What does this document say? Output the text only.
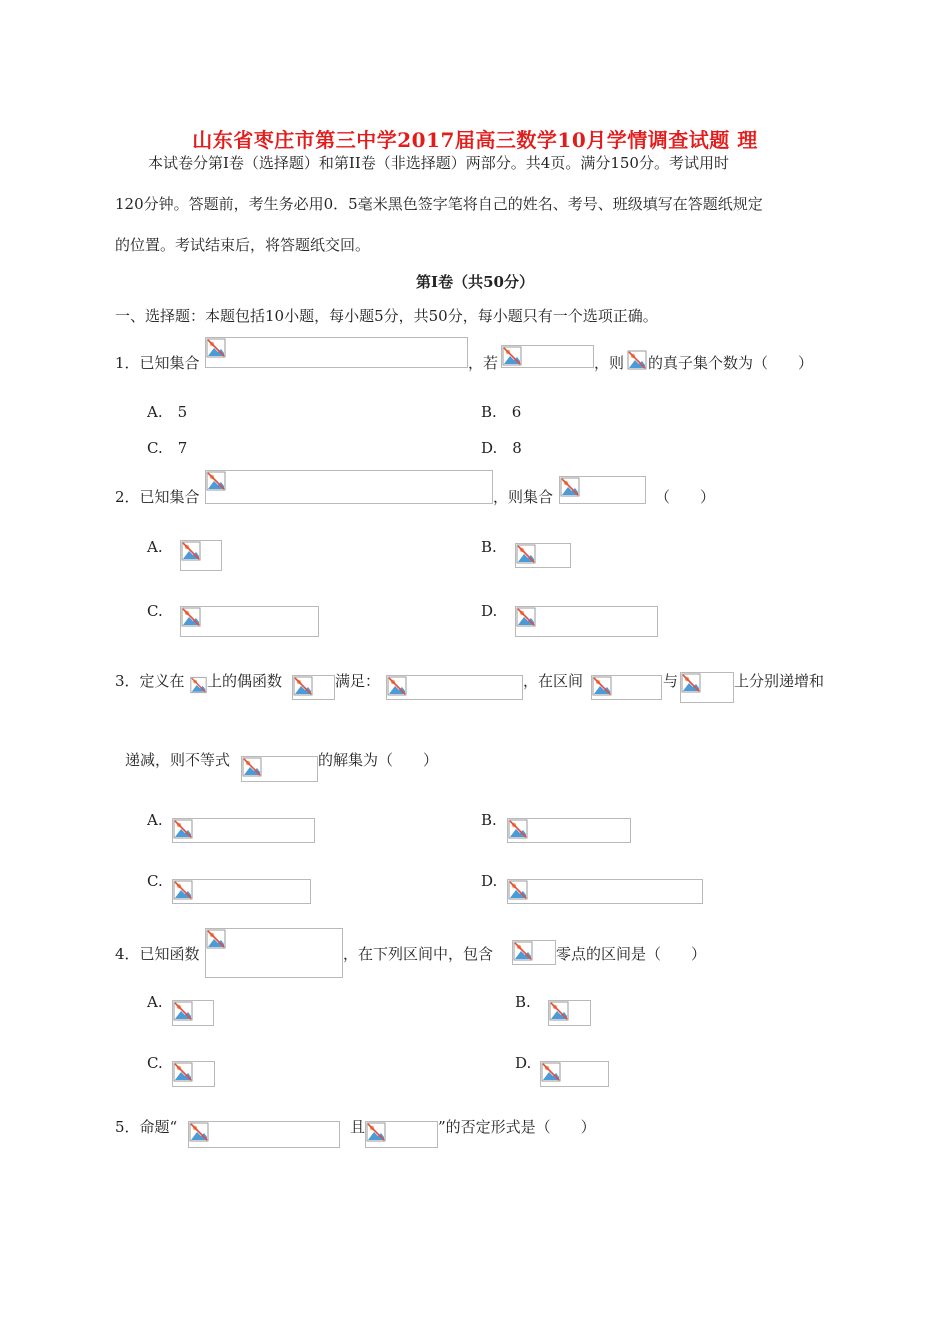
山东省枣庄市第三中学2017届高三数学10月学情调查试题 理
本试卷分第I卷（选择题）和第II卷（非选择题）两部分。共4页。满分150分。考试用时
120分钟。答题前，考生务必用0．5毫米黑色签字笔将自己的姓名、考号、班级填写在答题纸规定
的位置。考试结束后，将答题纸交回。
第I卷（共50分）
一、选择题：本题包括10小题，每小题5分，共50分，每小题只有一个选项正确。
1．已知集合	，若	，则 的真子集个数为（　　）
A.　5	B.　6
C.　7	D.　8
2．已知集合	，则集合	（　　）
A.	B.
C.	D.
3．定义在 上的偶函数	满足：	，在区间	与	上分别递增和
递减，则不等式	的解集为（　　）
A.	B.
C.	D.
4．已知函数	，在下列区间中，包含	零点的区间是（　　）
A.	B.
C.	D.
5．命题“	且	”的否定形式是（　　）
